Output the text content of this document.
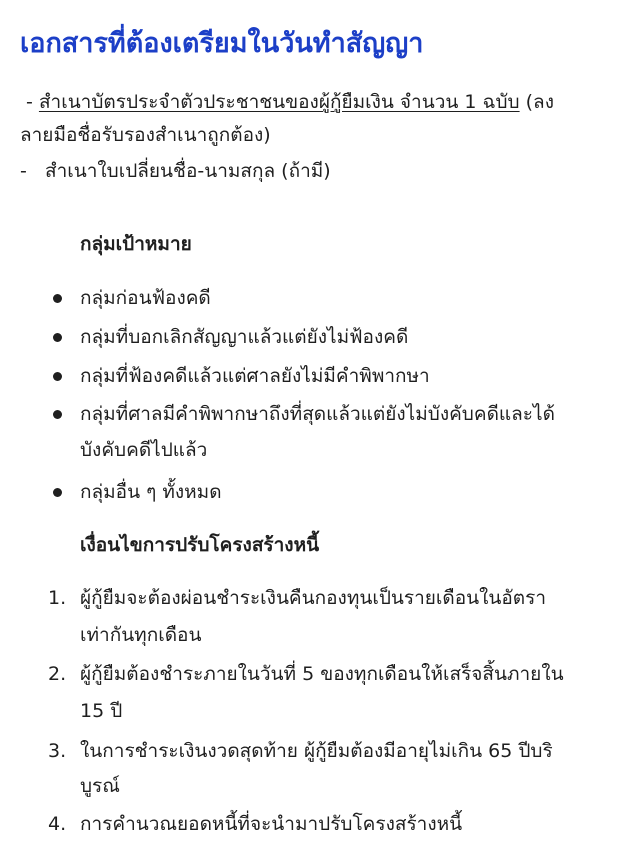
เอกสารที่ต้องเตรียมในวันทำสัญญา
- สำเนาบัตรประจำตัวประชาชนของผู้กู้ยืมเงิน จำนวน 1 ฉบับ (ลง
ลายมือชื่อรับรองสำเนาถูกต้อง)
-   สำเนาใบเปลี่ยนชื่อ-นามสกุล (ถ้ามี)
กลุ่มเป้าหมาย
กลุ่มก่อนฟ้องคดี
กลุ่มที่บอกเลิกสัญญาแล้วแต่ยังไม่ฟ้องคดี
กลุ่มที่ฟ้องคดีแล้วแต่ศาลยังไม่มีคำพิพากษา
กลุ่มที่ศาลมีคำพิพากษาถึงที่สุดแล้วแต่ยังไม่บังคับคดีและได้
บังคับคดีไปแล้ว
กลุ่มอื่น ๆ ทั้งหมด
เงื่อนไขการปรับโครงสร้างหนี้
1. ผู้กู้ยืมจะต้องผ่อนชำระเงินคืนกองทุนเป็นรายเดือนในอัตรา
เท่ากันทุกเดือน
2. ผู้กู้ยืมต้องชำระภายในวันที่ 5 ของทุกเดือนให้เสร็จสิ้นภายใน
15 ปี
3. ในการชำระเงินงวดสุดท้าย ผู้กู้ยืมต้องมีอายุไม่เกิน 65 ปีบริ
บูรณ์
4. การคำนวณยอดหนี้ที่จะนำมาปรับโครงสร้างหนี้
